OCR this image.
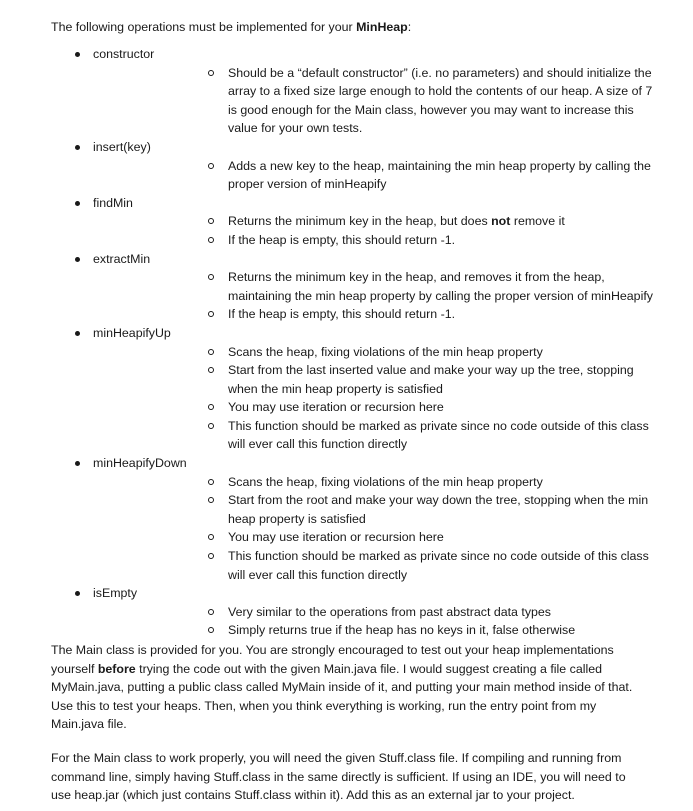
The following operations must be implemented for your MinHeap:

constructor
Should be a “default constructor” (i.e. no parameters) and should initialize the array to a fixed size large enough to hold the contents of our heap. A size of 7 is good enough for the Main class, however you may want to increase this value for your own tests.
insert(key)
Adds a new key to the heap, maintaining the min heap property by calling the proper version of minHeapify
findMin
Returns the minimum key in the heap, but does not remove it
If the heap is empty, this should return -1.
extractMin
Returns the minimum key in the heap, and removes it from the heap, maintaining the min heap property by calling the proper version of minHeapify
If the heap is empty, this should return -1.
minHeapifyUp
Scans the heap, fixing violations of the min heap property
Start from the last inserted value and make your way up the tree, stopping when the min heap property is satisfied
You may use iteration or recursion here
This function should be marked as private since no code outside of this class will ever call this function directly
minHeapifyDown
Scans the heap, fixing violations of the min heap property
Start from the root and make your way down the tree, stopping when the min heap property is satisfied
You may use iteration or recursion here
This function should be marked as private since no code outside of this class will ever call this function directly
isEmpty
Very similar to the operations from past abstract data types
Simply returns true if the heap has no keys in it, false otherwise

The Main class is provided for you. You are strongly encouraged to test out your heap implementations yourself before trying the code out with the given Main.java file. I would suggest creating a file called MyMain.java, putting a public class called MyMain inside of it, and putting your main method inside of that. Use this to test your heaps. Then, when you think everything is working, run the entry point from my Main.java file.

For the Main class to work properly, you will need the given Stuff.class file. If compiling and running from command line, simply having Stuff.class in the same directly is sufficient. If using an IDE, you will need to use heap.jar (which just contains Stuff.class within it). Add this as an external jar to your project.
